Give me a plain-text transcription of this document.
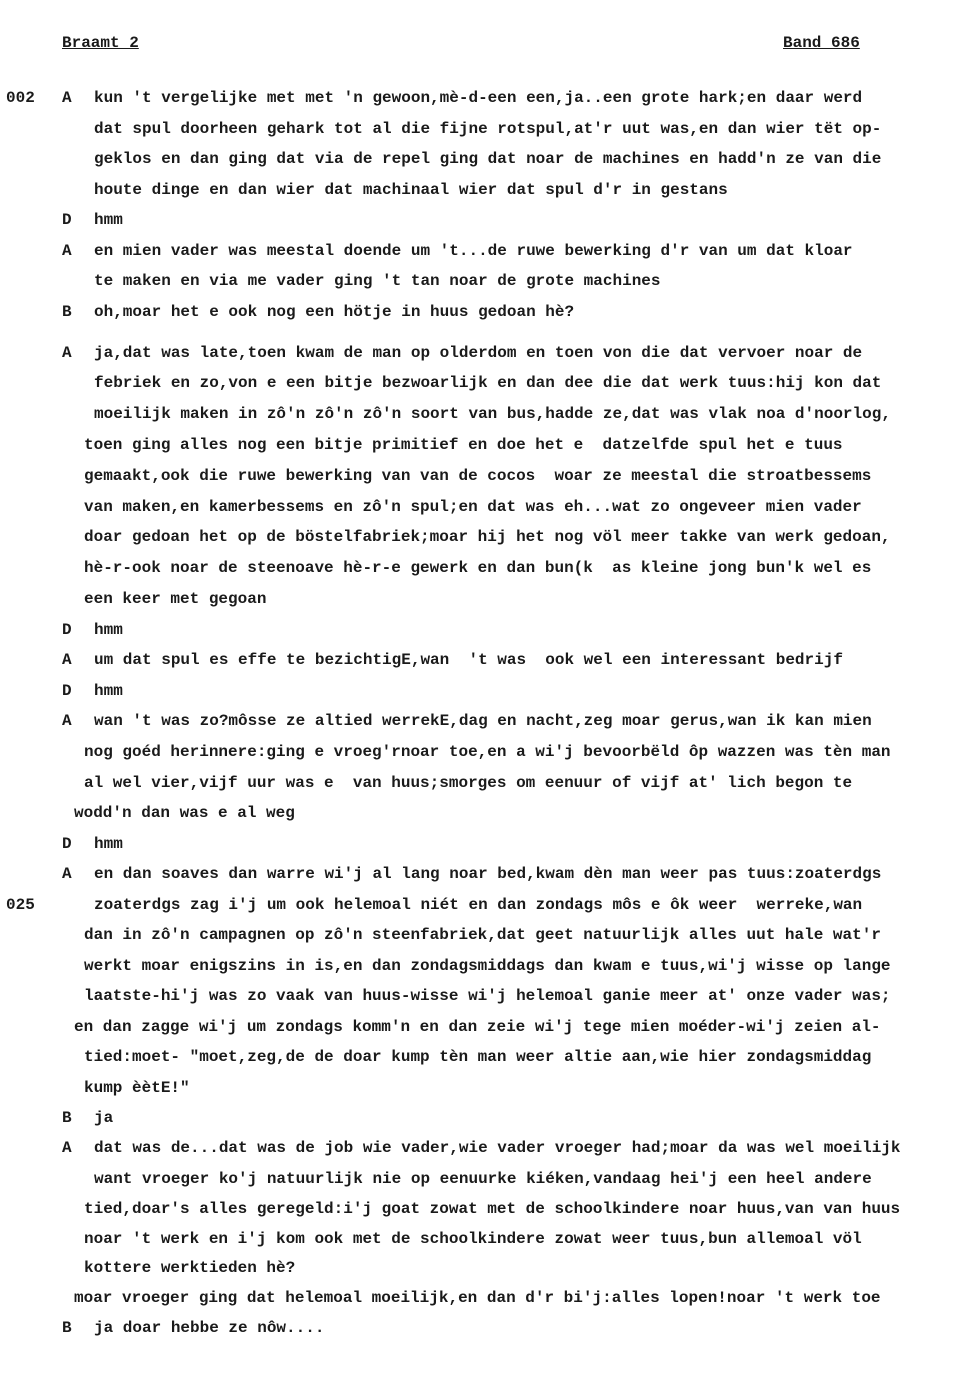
Braamt 2	Band 686
002
025
A
D
A
B
A
D
A
D
A
D
A
B
A
B
kun 't vergelijke met met 'n gewoon,mè-d-een een,ja..een grote hark;en daar werd
dat spul doorheen gehark tot al die fijne rotspul,at'r uut was,en dan wier tët op-
geklos en dan ging dat via de repel ging dat noar de machines en hadd'n ze van die
houte dinge en dan wier dat machinaal wier dat spul d'r in gestans
hmm
en mien vader was meestal doende um 't...de ruwe bewerking d'r van um dat kloar
te maken en via me vader ging 't tan noar de grote machines
oh,moar het e ook nog een hötje in huus gedoan hè?
ja,dat was late,toen kwam de man op olderdom en toen von die dat vervoer noar de
febriek en zo,von e een bitje bezwoarlijk en dan dee die dat werk tuus:hij kon dat
moeilijk maken in zô'n zô'n zô'n soort van bus,hadde ze,dat was vlak noa d'noorlog,
toen ging alles nog een bitje primitief en doe het e  datzelfde spul het e tuus
gemaakt,ook die ruwe bewerking van van de cocos  woar ze meestal die stroatbessems
van maken,en kamerbessems en zô'n spul;en dat was eh...wat zo ongeveer mien vader
doar gedoan het op de böstelfabriek;moar hij het nog völ meer takke van werk gedoan,
hè-r-ook noar de steenoave hè-r-e gewerk en dan bun(k  as kleine jong bun'k wel es
een keer met gegoan
hmm
um dat spul es effe te bezichtigE,wan  't was  ook wel een interessant bedrijf
hmm
wan 't was zo?môsse ze altied werrekE,dag en nacht,zeg moar gerus,wan ik kan mien
nog goéd herinnere:ging e vroeg'rnoar toe,en a wi'j bevoorbëld ôp wazzen was tèn man
al wel vier,vijf uur was e  van huus;smorges om eenuur of vijf at' lich begon te
wodd'n dan was e al weg
hmm
en dan soaves dan warre wi'j al lang noar bed,kwam dèn man weer pas tuus:zoaterdgs
zoaterdgs zag i'j um ook helemoal niét en dan zondags môs e ôk weer  werreke,wan
dan in zô'n campagnen op zô'n steenfabriek,dat geet natuurlijk alles uut hale wat'r
werkt moar enigszins in is,en dan zondagsmiddags dan kwam e tuus,wi'j wisse op lange
laatste-hi'j was zo vaak van huus-wisse wi'j helemoal ganie meer at' onze vader was;
en dan zagge wi'j um zondags komm'n en dan zeie wi'j tege mien moéder-wi'j zeien al-
tied:moet- "moet,zeg,de de doar kump tèn man weer altie aan,wie hier zondagsmiddag
kump èètE!"
ja
dat was de...dat was de job wie vader,wie vader vroeger had;moar da was wel moeilijk
want vroeger ko'j natuurlijk nie op eenuurke kiéken,vandaag hei'j een heel andere
tied,doar's alles geregeld:i'j goat zowat met de schoolkindere noar huus,van van huus
noar 't werk en i'j kom ook met de schoolkindere zowat weer tuus,bun allemoal völ
kottere werktieden hè?
moar vroeger ging dat helemoal moeilijk,en dan d'r bi'j:alles lopen!noar 't werk toe
ja doar hebbe ze nôw....
